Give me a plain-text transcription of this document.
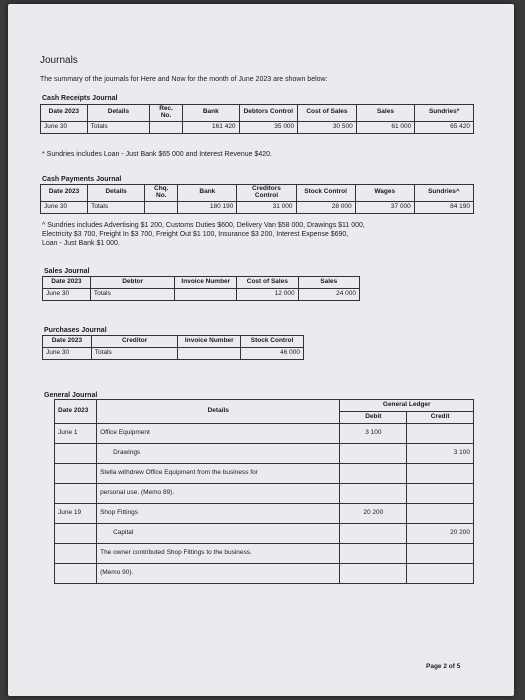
Journals
The summary of the journals for Here and Now for the month of June 2023 are shown below:
Cash Receipts Journal
Date 2023	Details	Rec. No.	Bank	Debtors Control	Cost of Sales	Sales	Sundries*
June 30	Totals		161 420	35 000	30 500	61 000	65 420
* Sundries includes Loan - Just Bank $65 000 and Interest Revenue $420.
Cash Payments Journal
Date 2023	Details	Chq. No.	Bank	Creditors Control	Stock Control	Wages	Sundries^
June 30	Totals		180 190	31 000	28 000	37 000	84 190
^ Sundries includes Advertising $1 200, Customs Duties $600, Delivery Van $58 000, Drawings $11 000,
Electricity $3 700, Freight In $3 700, Freight Out $1 100, Insurance $3 200, Interest Expense $690,
Loan - Just Bank $1 000.
Sales Journal
Date 2023	Debtor	Invoice Number	Cost of Sales	Sales
June 30	Totals		12 000	24 000
Purchases Journal
Date 2023	Creditor	Invoice Number	Stock Control
June 30	Totals		46 000
General Journal
Date 2023	Details	General Ledger	
		Debit	Credit
June 1	Office Equipment	3 100	
	Drawings		3 100
	Stella withdrew Office Equipment from the business for		
	personal use. (Memo 89).		
June 19	Shop Fittings	20 200	
	Capital		20 200
	The owner contributed Shop Fittings to the business.		
	(Memo 90).		
Page 2 of 5
